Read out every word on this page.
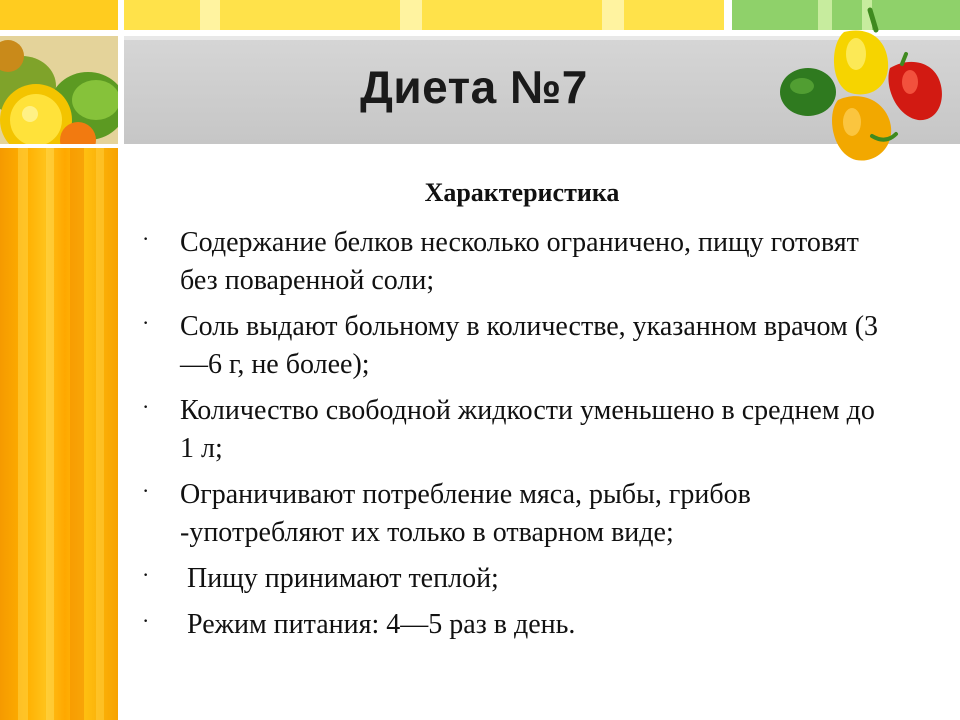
Диета №7
Характеристика
· Содержание белков несколько ограничено, пищу готовят без поваренной соли;
· Соль выдают больному в количестве, указанном врачом (3—6 г, не более);
· Количество свободной жидкости уменьшено в среднем до 1 л;
· Ограничивают потребление мяса, рыбы, грибов -употребляют их только в отварном виде;
· Пищу принимают теплой;
· Режим питания: 4—5 раз в день.
